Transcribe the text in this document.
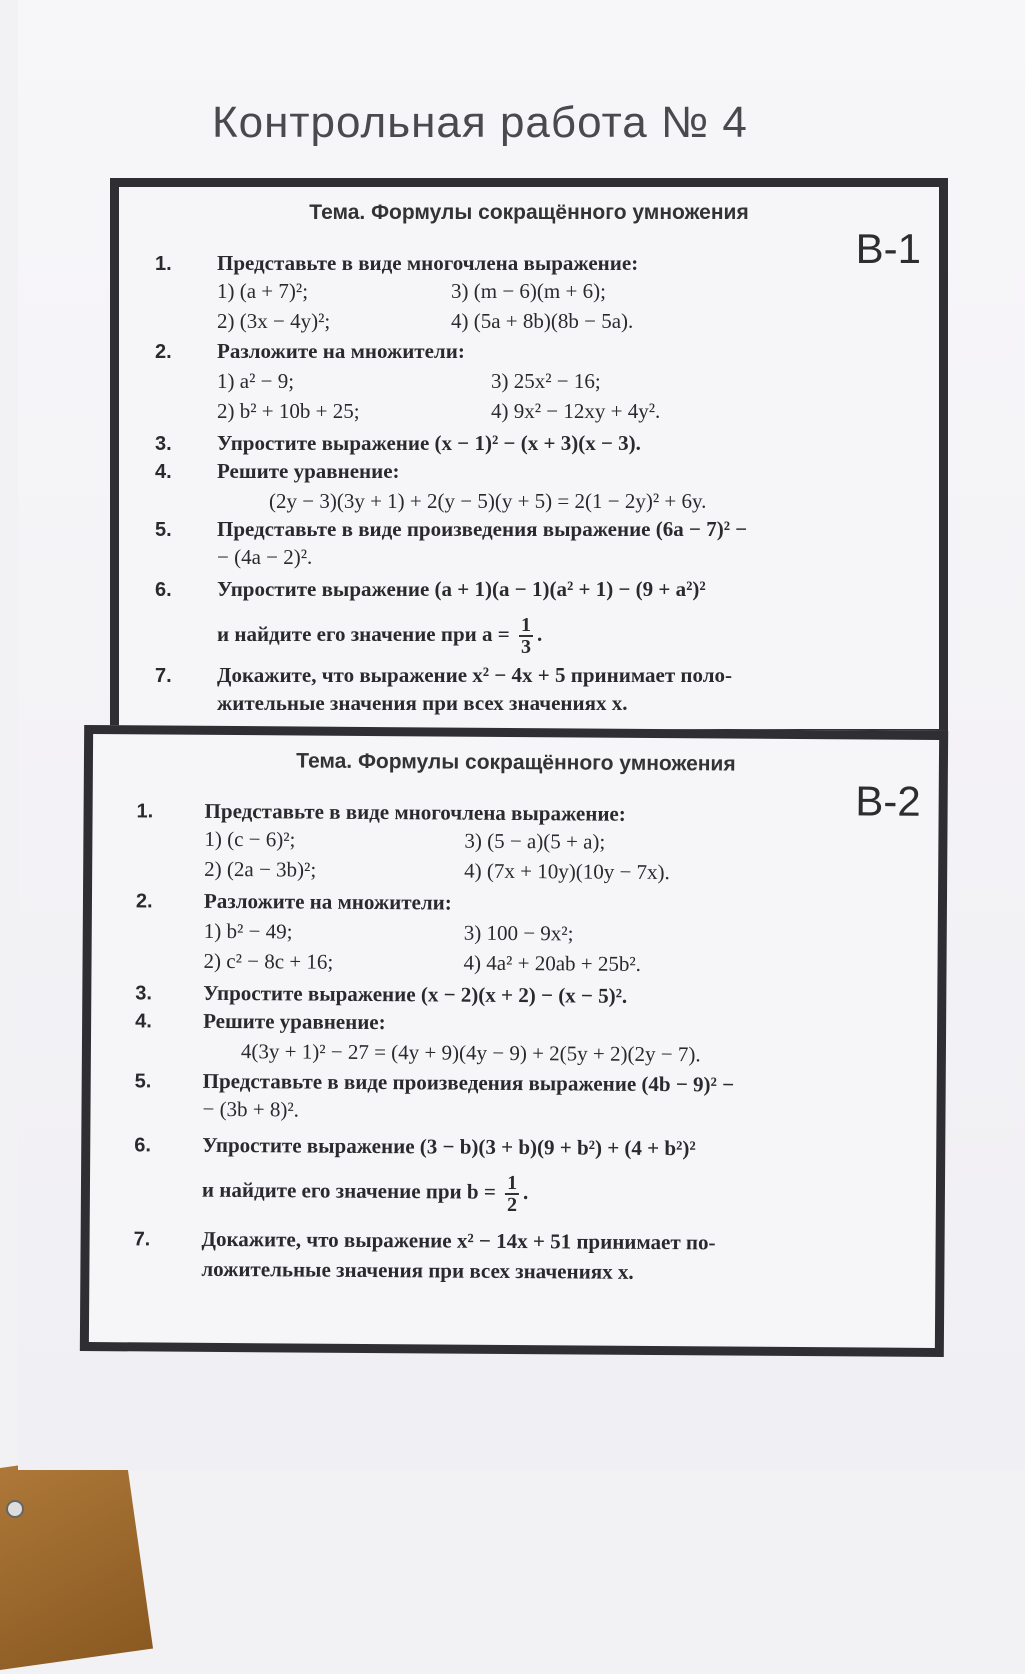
Контрольная работа № 4
Тема. Формулы сокращённого умножения
В-1
1. Представьте в виде многочлена выражение:
1) (a + 7)²;	3) (m − 6)(m + 6);
2) (3x − 4y)²;	4) (5a + 8b)(8b − 5a).
2. Разложите на множители:
1) a² − 9;	3) 25x² − 16;
2) b² + 10b + 25;	4) 9x² − 12xy + 4y².
3. Упростите выражение (x − 1)² − (x + 3)(x − 3).
4. Решите уравнение:
(2y − 3)(3y + 1) + 2(y − 5)(y + 5) = 2(1 − 2y)² + 6y.
5. Представьте в виде произведения выражение (6a − 7)² −
− (4a − 2)².
6. Упростите выражение (a + 1)(a − 1)(a² + 1) − (9 + a²)²
и найдите его значение при $a = \frac{1}{3}$ .
7. Докажите, что выражение x² − 4x + 5 принимает поло-
жительные значения при всех значениях x.
Тема. Формулы сокращённого умножения
В-2
1. Представьте в виде многочлена выражение:
1) (c − 6)²;	3) (5 − a)(5 + a);
2) (2a − 3b)²;	4) (7x + 10y)(10y − 7x).
2. Разложите на множители:
1) b² − 49;	3) 100 − 9x²;
2) c² − 8c + 16;	4) 4a² + 20ab + 25b².
3. Упростите выражение (x − 2)(x + 2) − (x − 5)².
4. Решите уравнение:
4(3y + 1)² − 27 = (4y + 9)(4y − 9) + 2(5y + 2)(2y − 7).
5. Представьте в виде произведения выражение (4b − 9)² −
− (3b + 8)².
6. Упростите выражение (3 − b)(3 + b)(9 + b²) + (4 + b²)²
и найдите его значение при $b = \frac{1}{2}$ .
7. Докажите, что выражение x² − 14x + 51 принимает по-
ложительные значения при всех значениях x.
